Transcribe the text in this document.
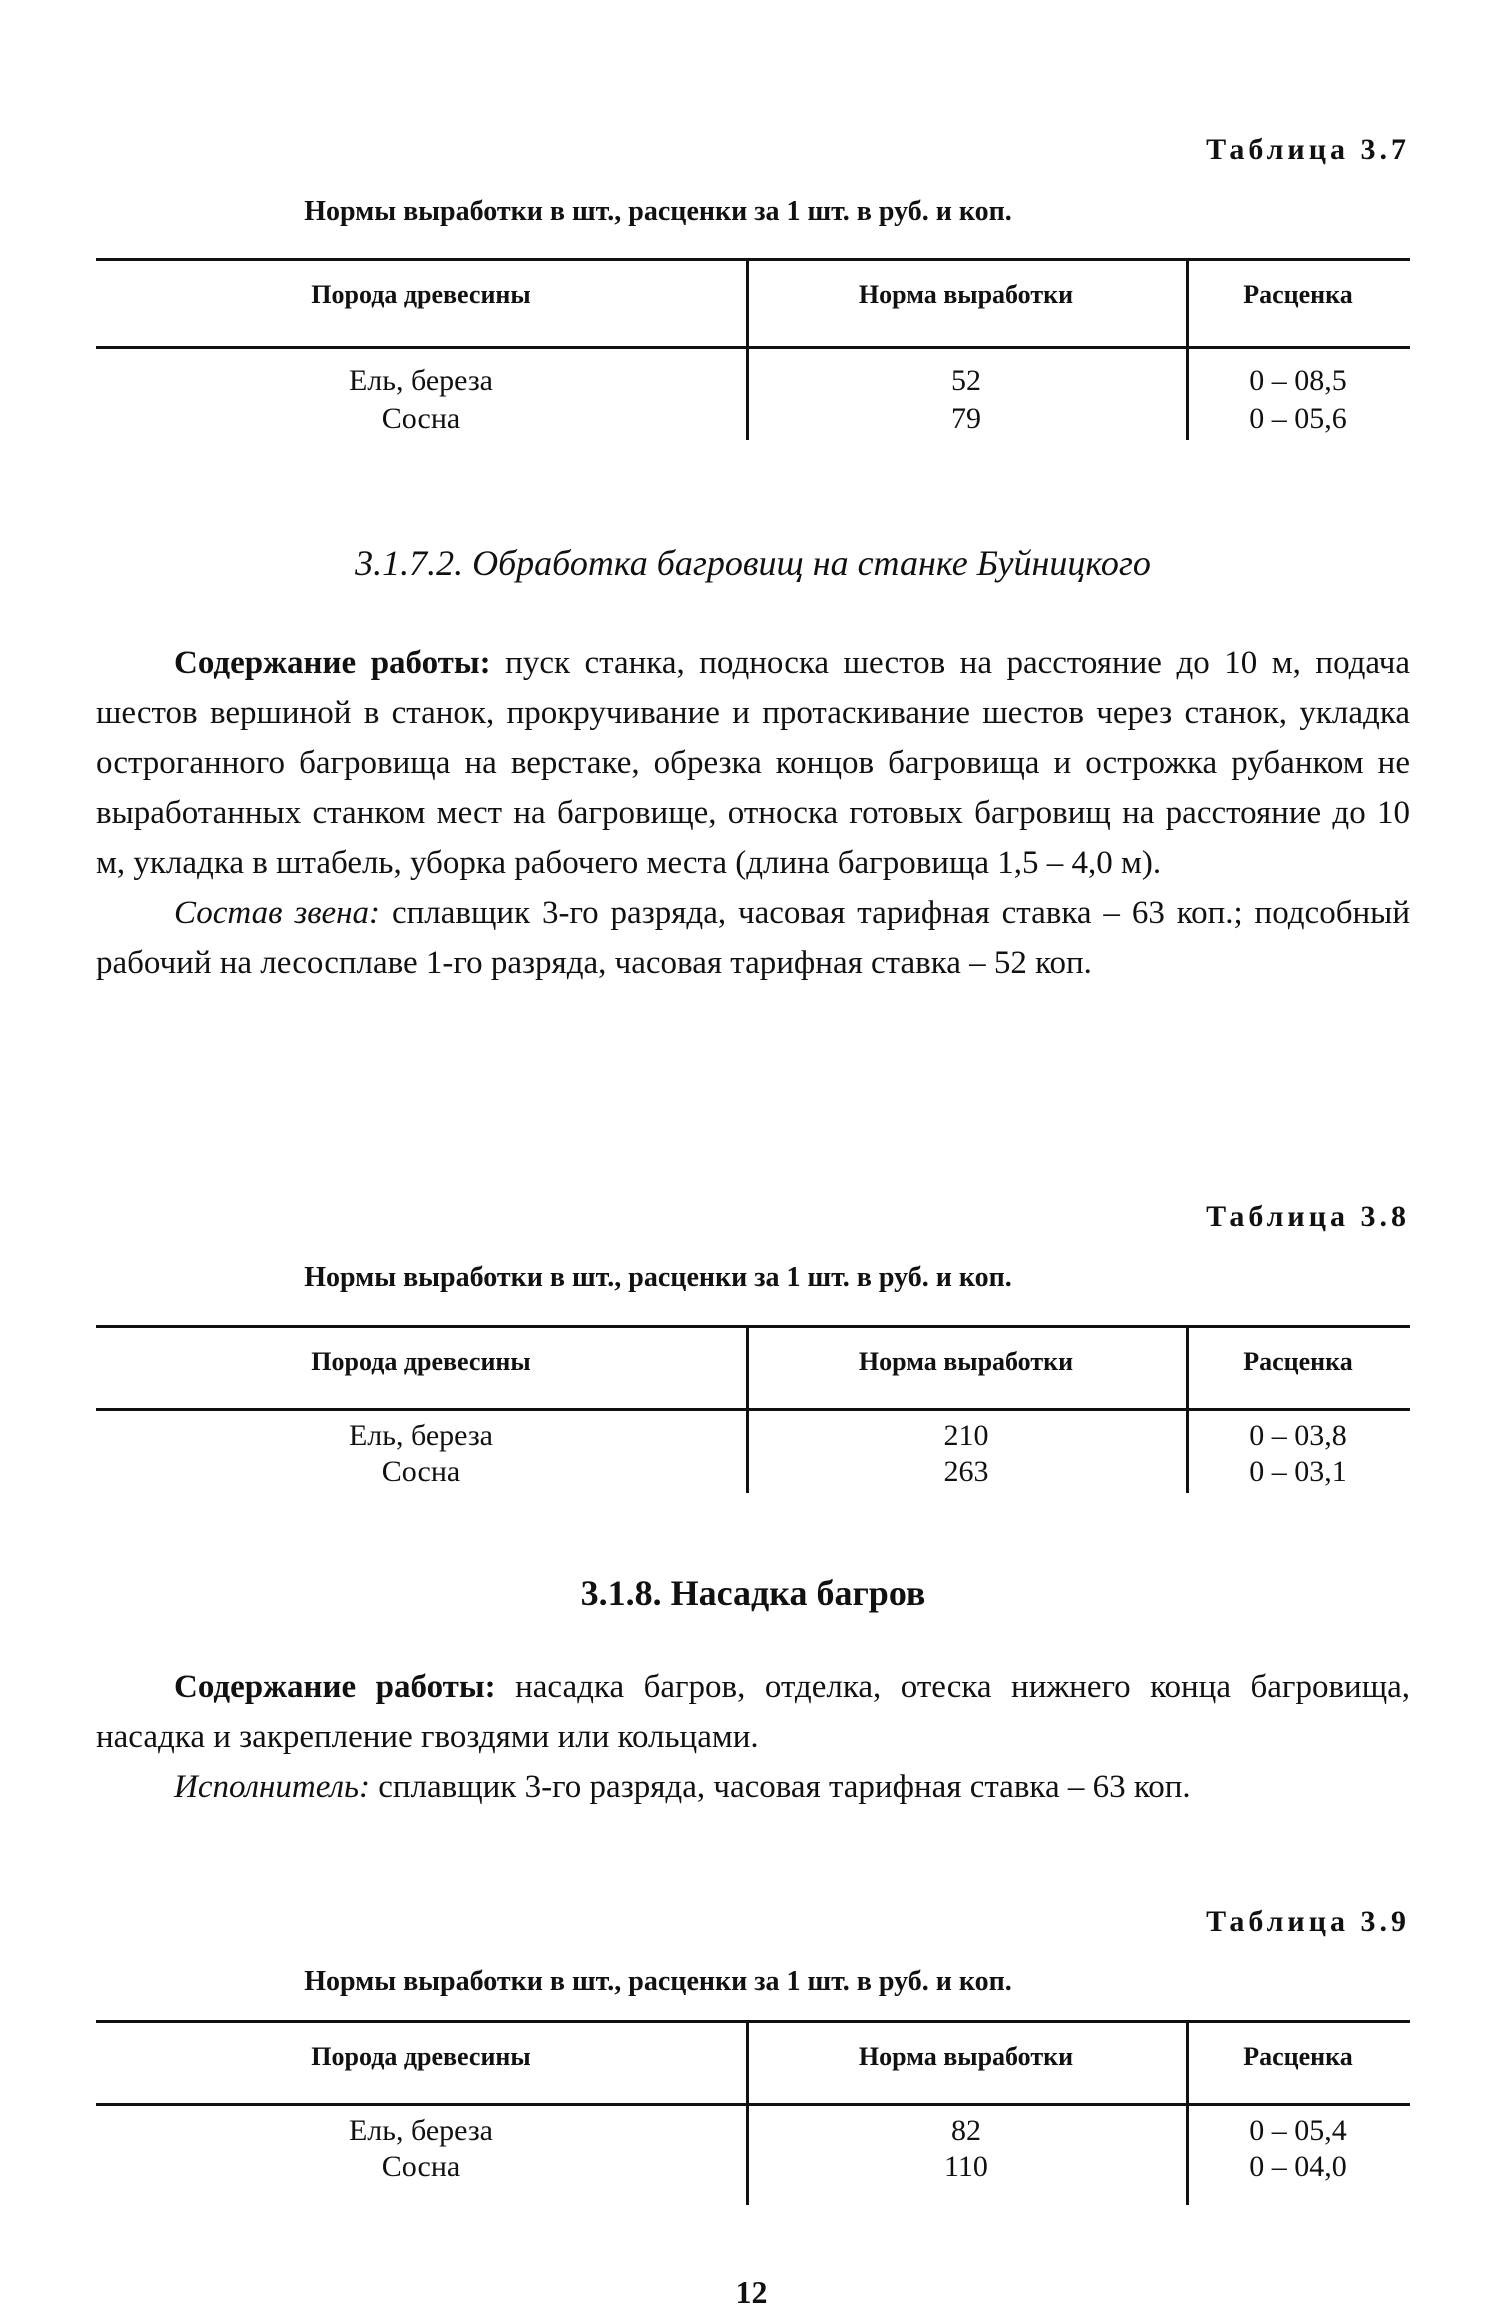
Таблица 3.7
Нормы выработки в шт., расценки за 1 шт. в руб. и коп.
Порода древесины	Норма выработки	Расценка
Ель, береза	52	0 – 08,5
Сосна	79	0 – 05,6
3.1.7.2. Обработка багровищ на станке Буйницкого

Содержание работы: пуск станка, подноска шестов на расстояние до 10 м, подача шестов вершиной в станок, прокручивание и протаскивание шестов через станок, укладка остроганного багровища на верстаке, обрезка концов багровища и острожка рубанком не выработанных станком мест на багровище, относка готовых багровищ на расстояние до 10 м, укладка в штабель, уборка рабочего места (длина багровища 1,5 – 4,0 м).

Состав звена: сплавщик 3-го разряда, часовая тарифная ставка – 63 коп.; подсобный рабочий на лесосплаве 1-го разряда, часовая тарифная ставка – 52 коп.

Таблица 3.8
Нормы выработки в шт., расценки за 1 шт. в руб. и коп.
Порода древесины	Норма выработки	Расценка
Ель, береза	210	0 – 03,8
Сосна	263	0 – 03,1
3.1.8. Насадка багров

Содержание работы: насадка багров, отделка, отеска нижнего конца багровища, насадка и закрепление гвоздями или кольцами.

Исполнитель: сплавщик 3-го разряда, часовая тарифная ставка – 63 коп.

Таблица 3.9
Нормы выработки в шт., расценки за 1 шт. в руб. и коп.
Порода древесины	Норма выработки	Расценка
Ель, береза	82	0 – 05,4
Сосна	110	0 – 04,0
12
